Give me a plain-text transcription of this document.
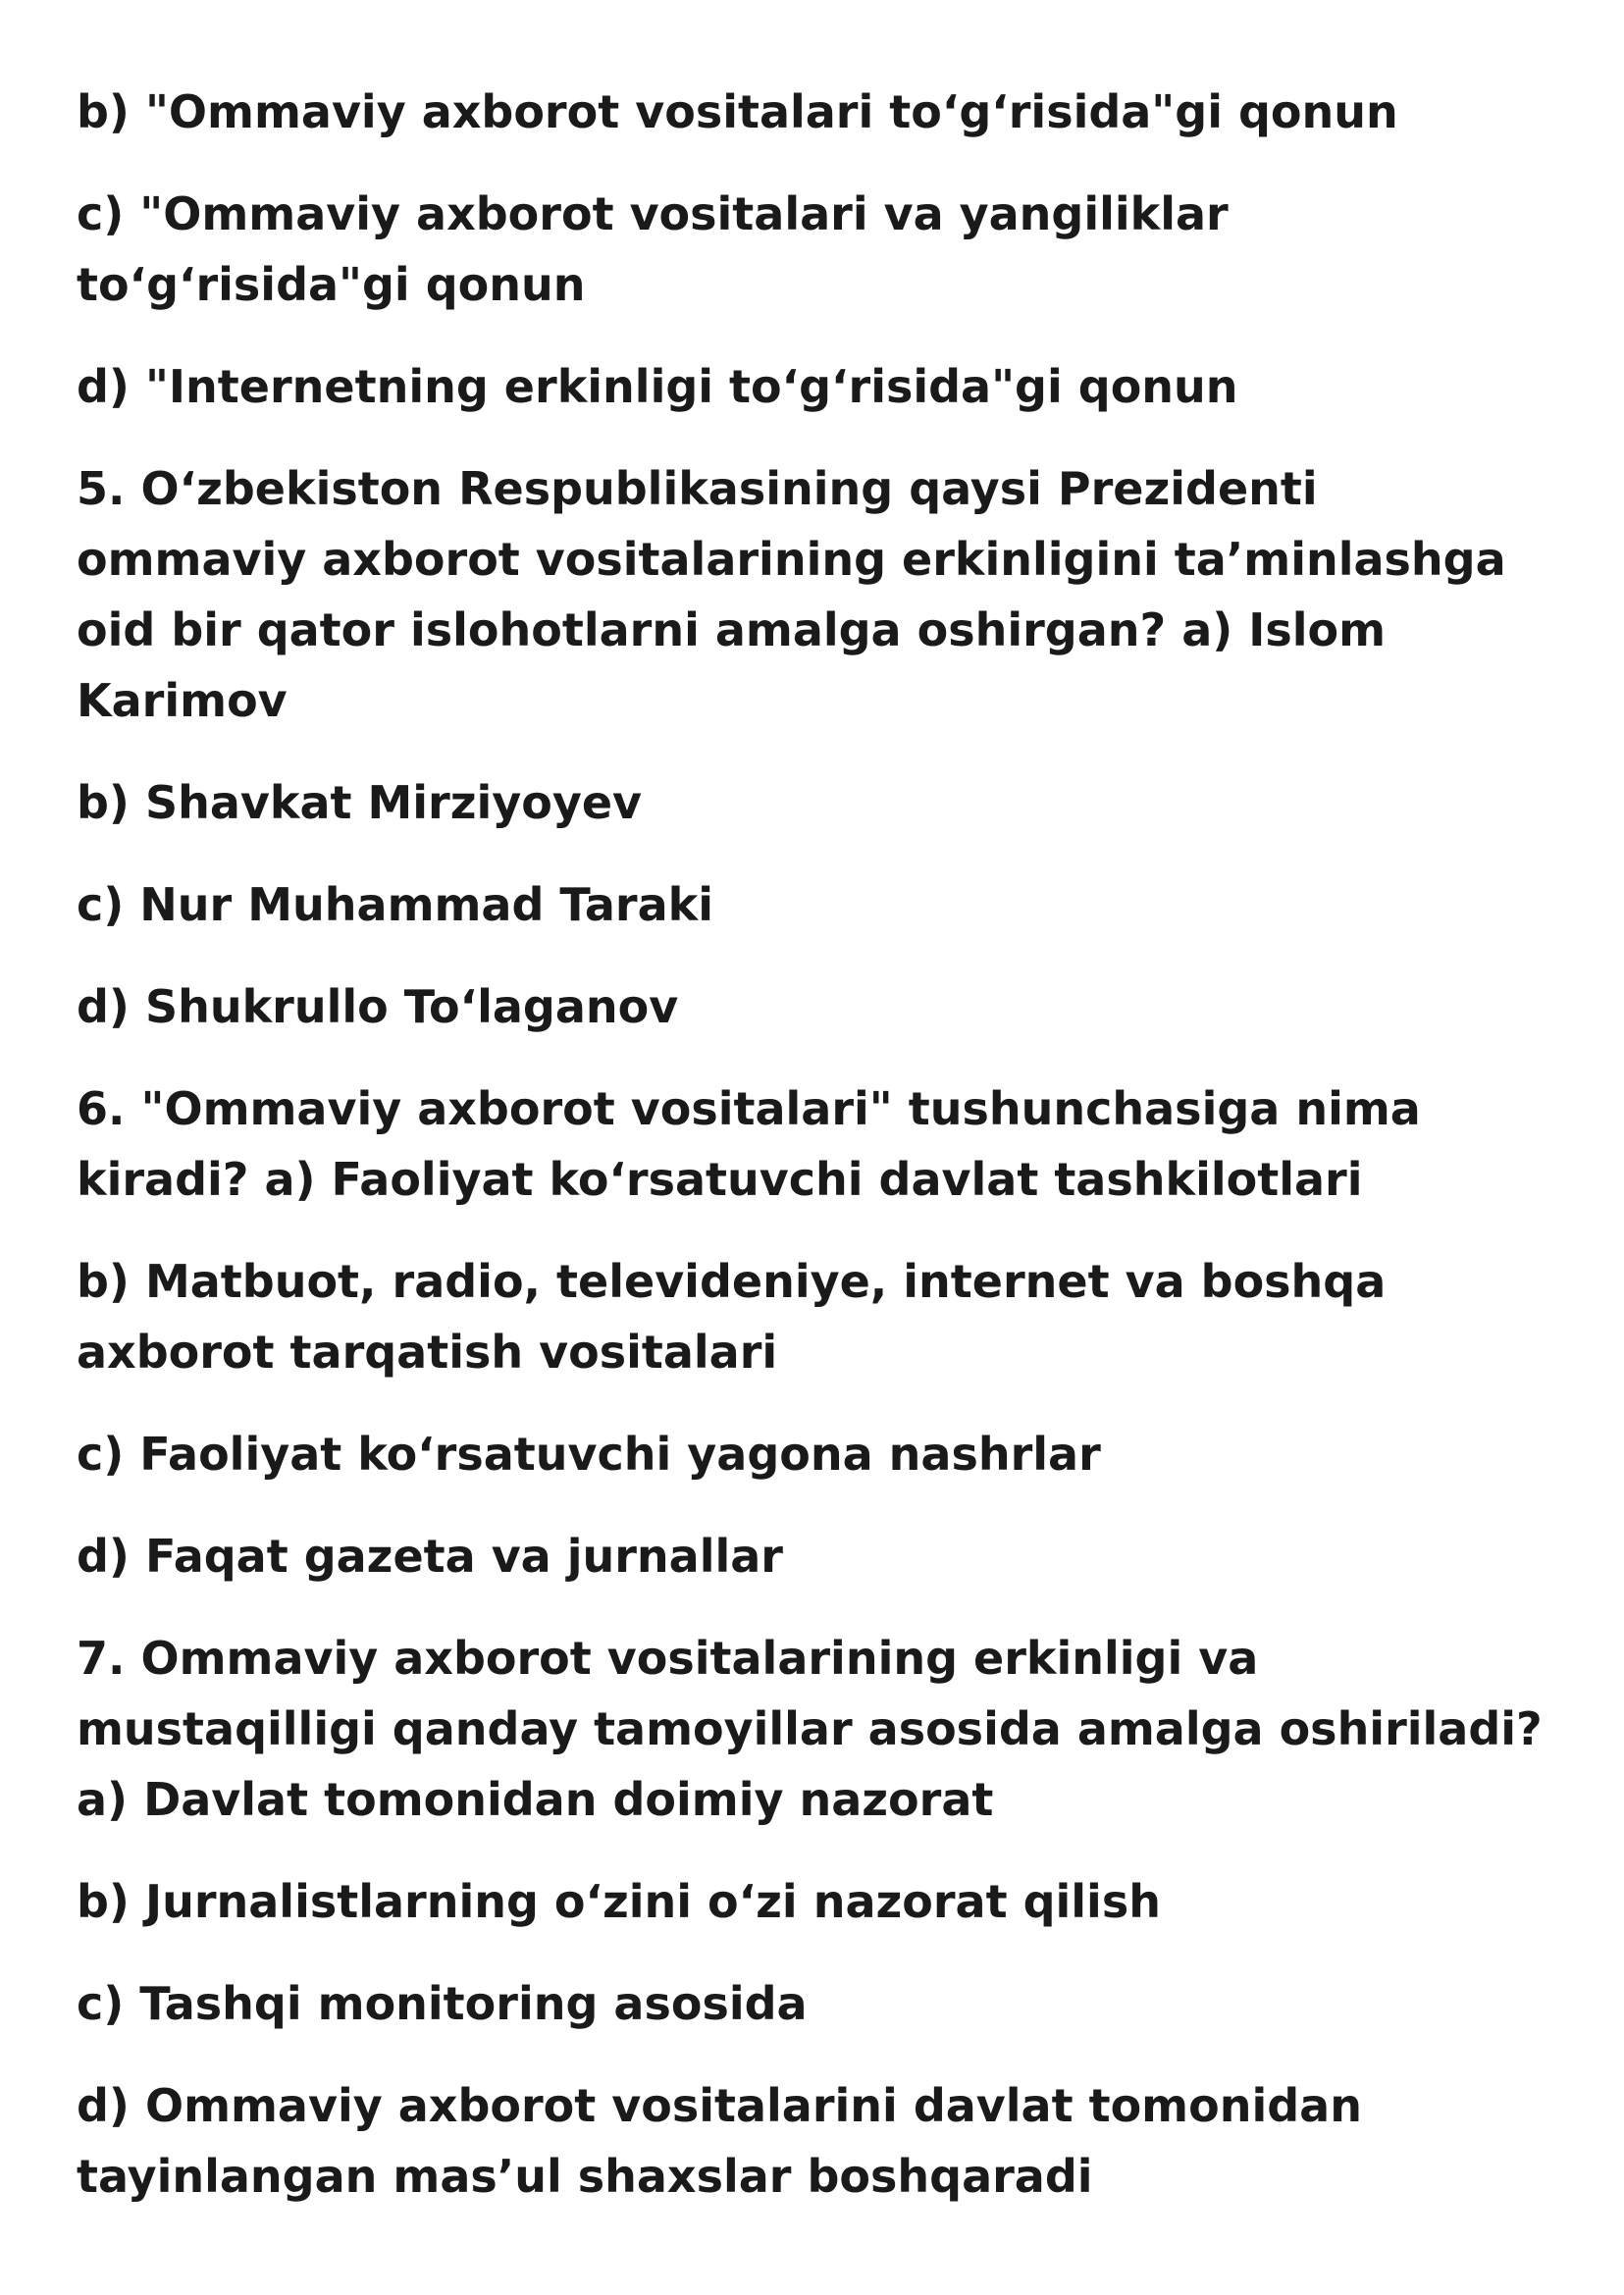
b) "Ommaviy axborot vositalari to‘g‘risida"gi qonun

c) "Ommaviy axborot vositalari va yangiliklar to‘g‘risida"gi qonun

d) "Internetning erkinligi to‘g‘risida"gi qonun

5. O‘zbekiston Respublikasining qaysi Prezidenti ommaviy axborot vositalarining erkinligini ta’minlashga oid bir qator islohotlarni amalga oshirgan? a) Islom Karimov

b) Shavkat Mirziyoyev

c) Nur Muhammad Taraki

d) Shukrullo To‘laganov

6. "Ommaviy axborot vositalari" tushunchasiga nima kiradi? a) Faoliyat ko‘rsatuvchi davlat tashkilotlari

b) Matbuot, radio, televideniye, internet va boshqa axborot tarqatish vositalari

c) Faoliyat ko‘rsatuvchi yagona nashrlar

d) Faqat gazeta va jurnallar

7. Ommaviy axborot vositalarining erkinligi va mustaqilligi qanday tamoyillar asosida amalga oshiriladi? a) Davlat tomonidan doimiy nazorat

b) Jurnalistlarning o‘zini o‘zi nazorat qilish

c) Tashqi monitoring asosida

d) Ommaviy axborot vositalarini davlat tomonidan tayinlangan mas’ul shaxslar boshqaradi
